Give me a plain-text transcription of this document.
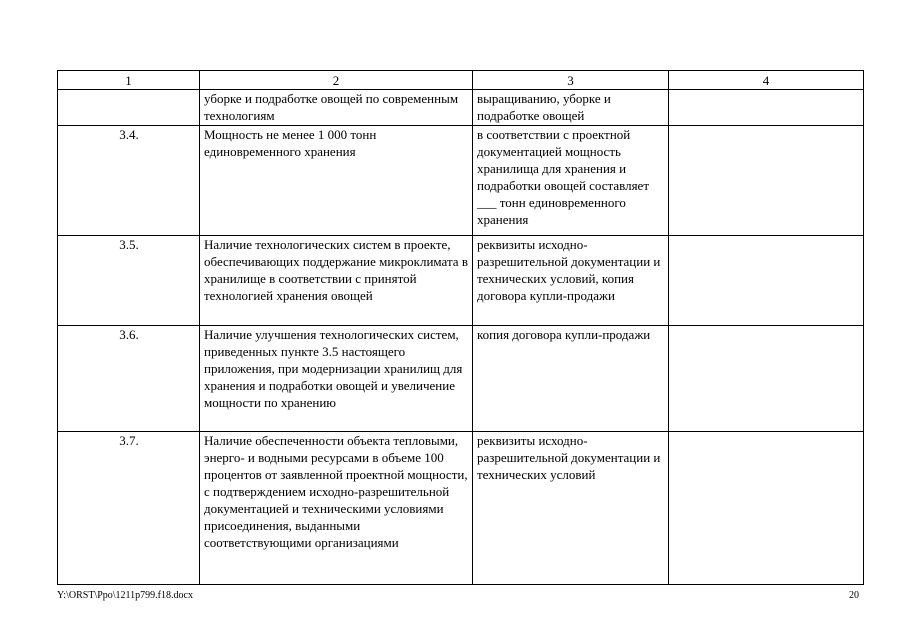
1	2	3	4
	уборке и подработке овощей по современным технологиям	выращиванию, уборке и подработке овощей	
3.4.	Мощность не менее 1 000 тонн единовременного хранения	в соответствии с проектной документацией мощность хранилища для хранения и подработки овощей составляет ___ тонн единовременного хранения	
3.5.	Наличие технологических систем в проекте, обеспечивающих поддержание микроклимата в хранилище в соответствии с принятой технологией хранения овощей	реквизиты исходно-разрешительной документации и технических условий, копия договора купли-продажи	
3.6.	Наличие улучшения технологических систем, приведенных пункте 3.5 настоящего приложения, при модернизации хранилищ для хранения и подработки овощей и увеличение мощности по хранению	копия договора купли-продажи	
3.7.	Наличие обеспеченности объекта тепловыми, энерго- и водными ресурсами в объеме 100 процентов от заявленной проектной мощности, с подтверждением исходно-разрешительной документацией и техническими условиями присоединения, выданными соответствующими организациями	реквизиты исходно-разрешительной документации и технических условий	
Y:\ORST\Ppo\1211p799.f18.docx	20
